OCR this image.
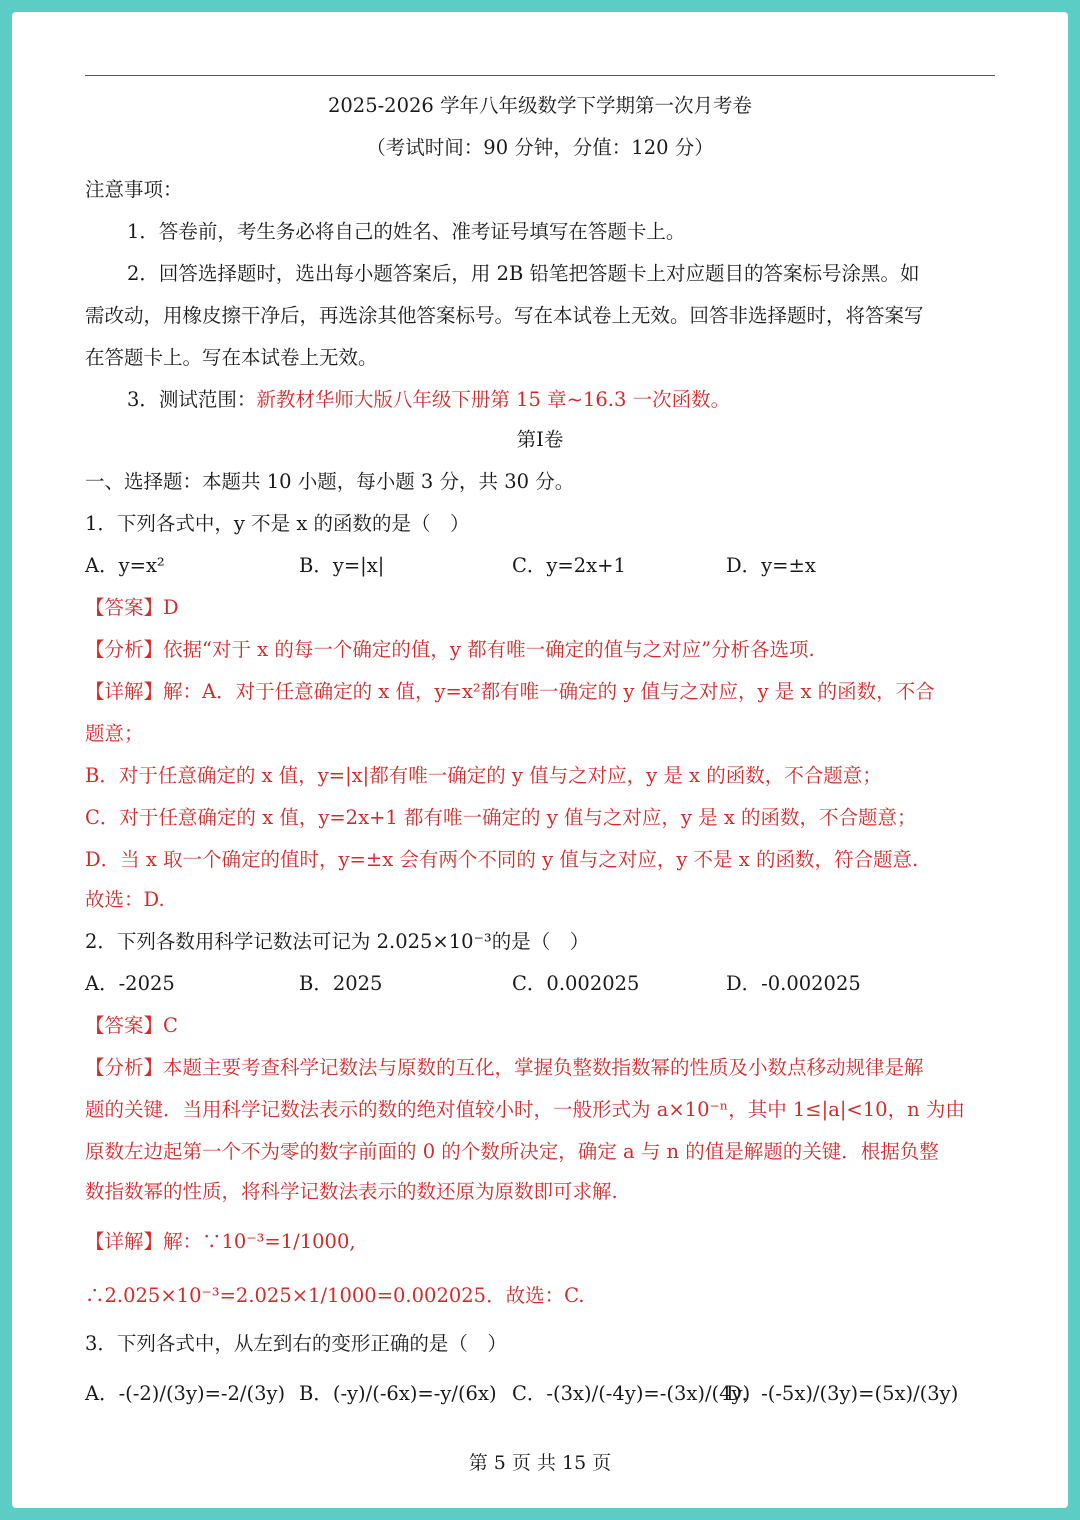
2025-2026 学年八年级数学下学期第一次月考卷
（考试时间：90 分钟，分值：120 分）
注意事项：
1．答卷前，考生务必将自己的姓名、准考证号填写在答题卡上。
2．回答选择题时，选出每小题答案后，用 2B 铅笔把答题卡上对应题目的答案标号涂黑。如
需改动，用橡皮擦干净后，再选涂其他答案标号。写在本试卷上无效。回答非选择题时，将答案写
在答题卡上。写在本试卷上无效。
3．测试范围：新教材华师大版八年级下册第 15 章~16.3 一次函数。
第Ⅰ卷
一、选择题：本题共 10 小题，每小题 3 分，共 30 分。
1．下列各式中，y 不是 x 的函数的是（　）
A．y=x²	B．y=|x|	C．y=2x+1	D．y=±x
【答案】D
【分析】依据“对于 x 的每一个确定的值，y 都有唯一确定的值与之对应”分析各选项.
【详解】解：A．对于任意确定的 x 值，y=x²都有唯一确定的 y 值与之对应，y 是 x 的函数，不合
题意；
B．对于任意确定的 x 值，y=|x|都有唯一确定的 y 值与之对应，y 是 x 的函数，不合题意；
C．对于任意确定的 x 值，y=2x+1 都有唯一确定的 y 值与之对应，y 是 x 的函数，不合题意；
D．当 x 取一个确定的值时，y=±x 会有两个不同的 y 值与之对应，y 不是 x 的函数，符合题意.
故选：D.
2．下列各数用科学记数法可记为 2.025×10⁻³的是（　）
A．-2025	B．2025	C．0.002025	D．-0.002025
【答案】C
【分析】本题主要考查科学记数法与原数的互化，掌握负整数指数幂的性质及小数点移动规律是解
题的关键．当用科学记数法表示的数的绝对值较小时，一般形式为 a×10⁻ⁿ，其中 1≤|a|<10，n 为由
原数左边起第一个不为零的数字前面的 0 的个数所决定，确定 a 与 n 的值是解题的关键．根据负整
数指数幂的性质，将科学记数法表示的数还原为原数即可求解.
【详解】解：∵10⁻³=1/1000,
∴2.025×10⁻³=2.025×1/1000=0.002025．故选：C.
3．下列各式中，从左到右的变形正确的是（　）
A．-(-2)/(3y)=-2/(3y) B．(-y)/(-6x)=-y/(6x) C．-(3x)/(-4y)=-(3x)/(4y)
D．-(-5x)/(3y)=(5x)/(3y)
第 5 页 共 15 页
